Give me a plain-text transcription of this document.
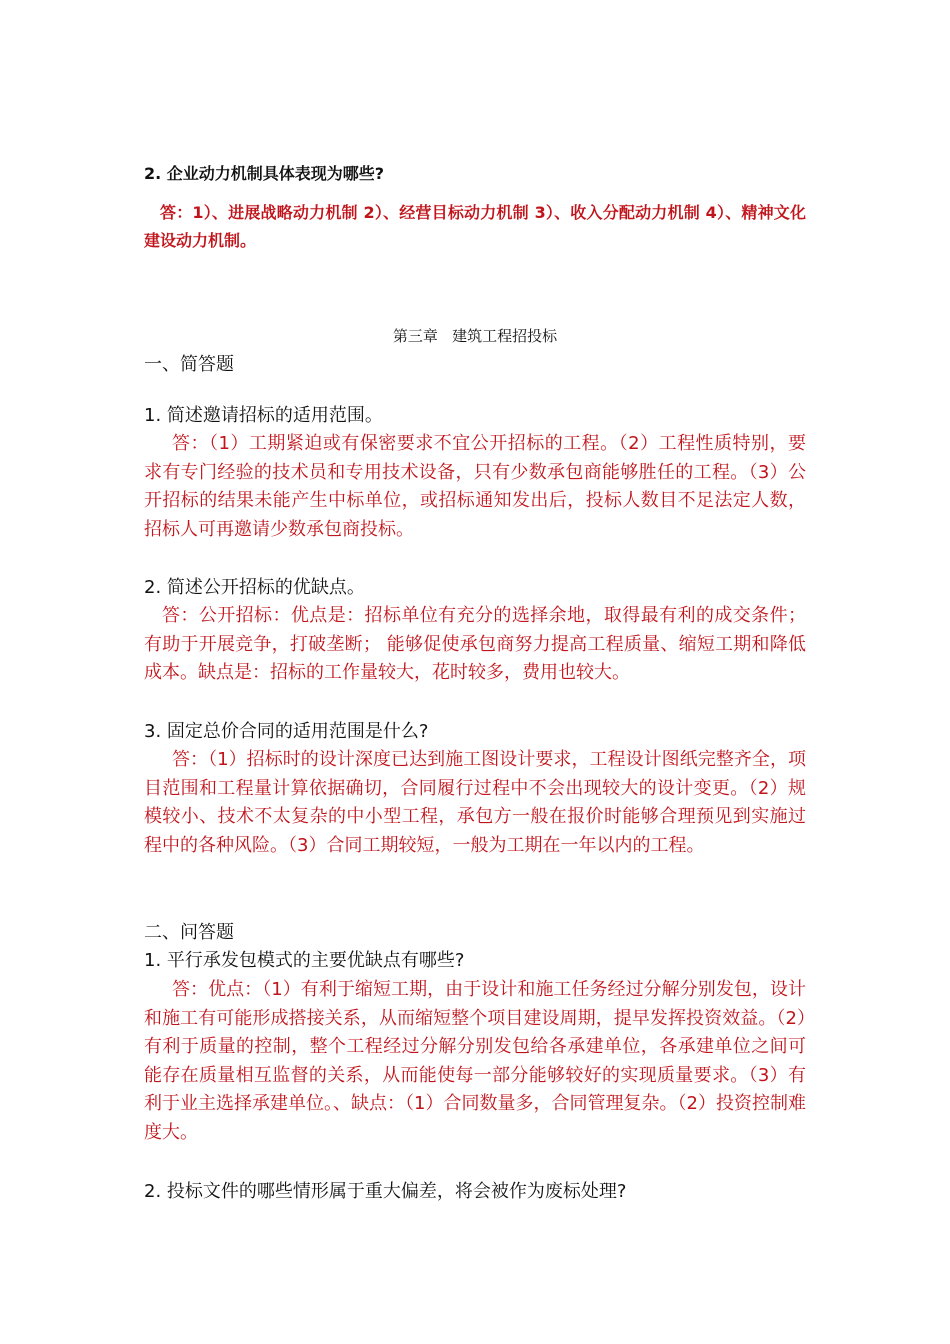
2. 企业动力机制具体表现为哪些?
答：1）、进展战略动力机制 2）、经营目标动力机制 3）、收入分配动力机制 4）、精神文化建设动力机制。
第三章   建筑工程招投标
一、简答题
1. 简述邀请招标的适用范围。
答：（1）工期紧迫或有保密要求不宜公开招标的工程。（2）工程性质特别，要求有专门经验的技术员和专用技术设备，只有少数承包商能够胜任的工程。（3）公开招标的结果未能产生中标单位，或招标通知发出后，投标人数目不足法定人数，招标人可再邀请少数承包商投标。
2. 简述公开招标的优缺点。
答：公开招标：优点是：招标单位有充分的选择余地，取得最有利的成交条件；有助于开展竞争，打破垄断； 能够促使承包商努力提高工程质量、缩短工期和降低成本。缺点是：招标的工作量较大，花时较多，费用也较大。
3. 固定总价合同的适用范围是什么?
答：（1）招标时的设计深度已达到施工图设计要求，工程设计图纸完整齐全，项目范围和工程量计算依据确切，合同履行过程中不会出现较大的设计变更。（2）规模较小、技术不太复杂的中小型工程，承包方一般在报价时能够合理预见到实施过程中的各种风险。（3）合同工期较短，一般为工期在一年以内的工程。
二、问答题
1. 平行承发包模式的主要优缺点有哪些?
答：优点：（1）有利于缩短工期，由于设计和施工任务经过分解分别发包，设计和施工有可能形成搭接关系，从而缩短整个项目建设周期，提早发挥投资效益。（2）有利于质量的控制，整个工程经过分解分别发包给各承建单位，各承建单位之间可能存在质量相互监督的关系，从而能使每一部分能够较好的实现质量要求。（3）有利于业主选择承建单位。、缺点：（1）合同数量多，合同管理复杂。（2）投资控制难度大。
2. 投标文件的哪些情形属于重大偏差，将会被作为废标处理?
